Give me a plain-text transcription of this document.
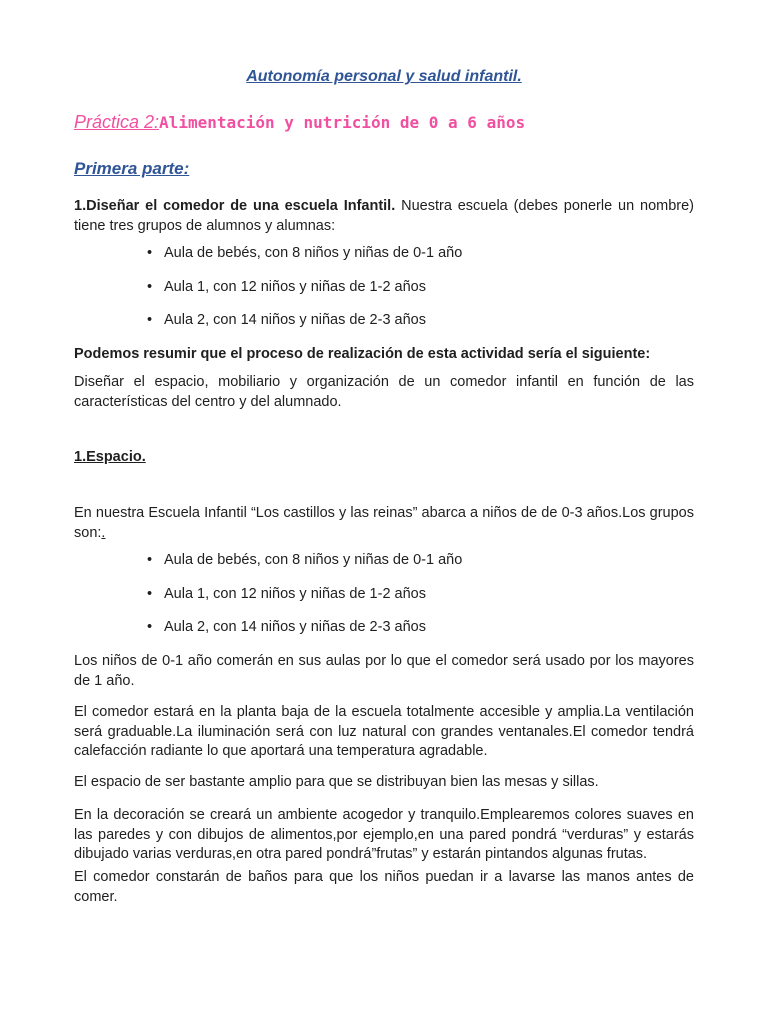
Autonomía personal y salud infantil.

Práctica 2:Alimentación y nutrición de 0 a 6 años

Primera parte:

1.Diseñar el comedor de una escuela Infantil. Nuestra escuela (debes ponerle un nombre) tiene tres grupos de alumnos y alumnas:

• Aula de bebés, con 8 niños y niñas de 0-1 año
• Aula 1, con 12 niños y niñas de 1-2 años
• Aula 2, con 14 niños y niñas de 2-3 años

Podemos resumir que el proceso de realización de esta actividad sería el siguiente:

Diseñar el espacio, mobiliario y organización de un comedor infantil en función de las características del centro y del alumnado.

1.Espacio.

En nuestra Escuela Infantil “Los castillos y las reinas” abarca a niños de de 0-3 años.Los grupos son:.

• Aula de bebés, con 8 niños y niñas de 0-1 año
• Aula 1, con 12 niños y niñas de 1-2 años
• Aula 2, con 14 niños y niñas de 2-3 años

Los niños de 0-1 año comerán en sus aulas por lo que el comedor será usado por los mayores de 1 año.

El comedor estará en la planta baja de la escuela totalmente accesible y amplia.La ventilación será graduable.La iluminación será con luz natural con grandes ventanales.El comedor tendrá calefacción radiante lo que aportará una temperatura agradable.

El espacio de ser bastante amplio para que se distribuyan bien las mesas y sillas.

En la decoración se creará un ambiente acogedor y tranquilo.Emplearemos colores suaves en las paredes y con dibujos de alimentos,por ejemplo,en una pared pondrá “verduras” y estarás dibujado varias verduras,en otra pared pondrá”frutas” y estarán pintandos algunas frutas.

El comedor constarán de baños para que los niños puedan ir a lavarse las manos antes de comer.
